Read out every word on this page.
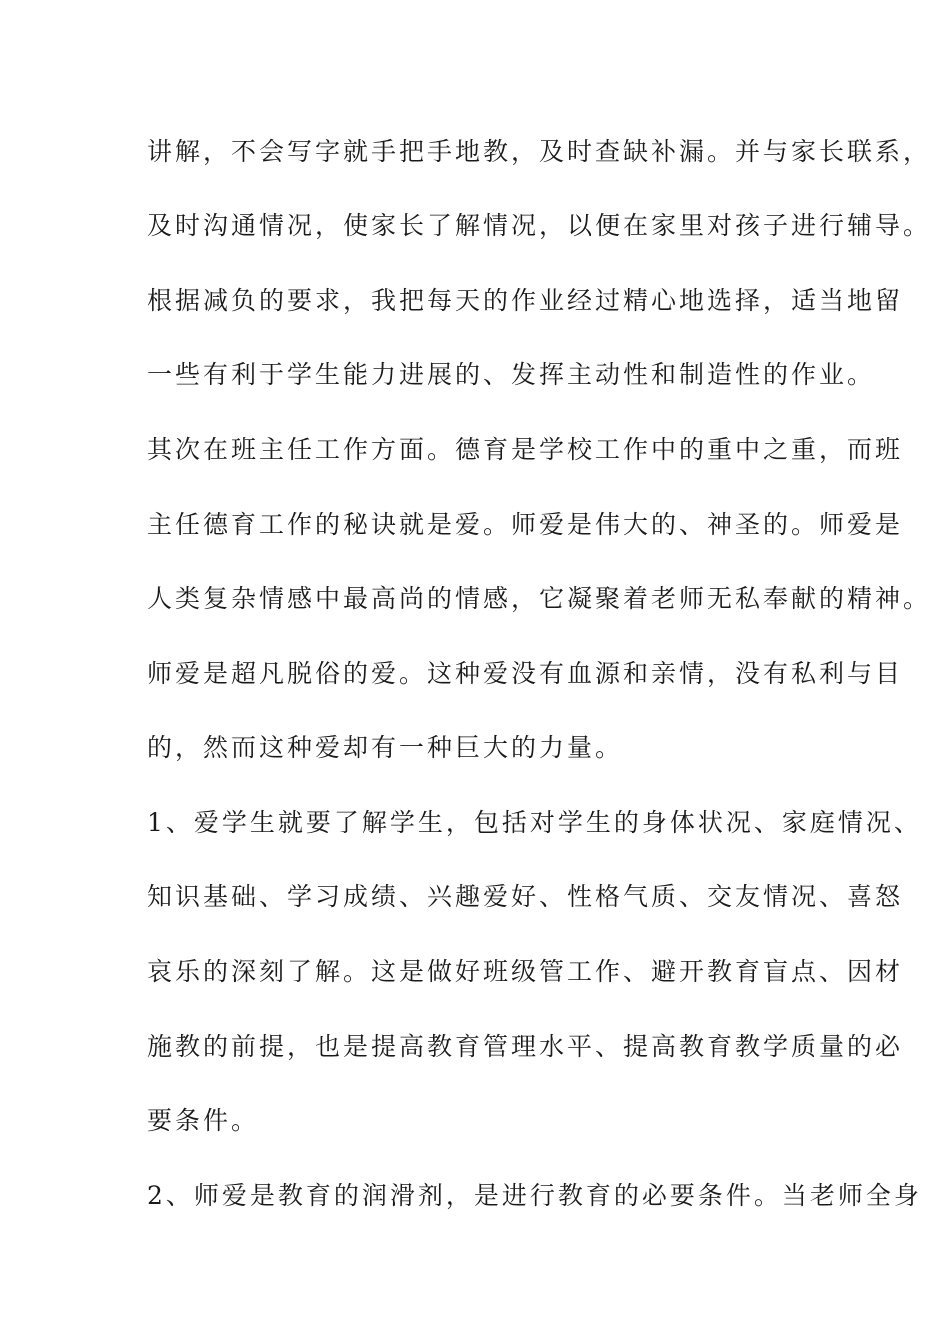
讲解，不会写字就手把手地教，及时查缺补漏。并与家长联系，
及时沟通情况，使家长了解情况，以便在家里对孩子进行辅导。
根据减负的要求，我把每天的作业经过精心地选择，适当地留
一些有利于学生能力进展的、发挥主动性和制造性的作业。
其次在班主任工作方面。德育是学校工作中的重中之重，而班
主任德育工作的秘诀就是爱。师爱是伟大的、神圣的。师爱是
人类复杂情感中最高尚的情感，它凝聚着老师无私奉献的精神。
师爱是超凡脱俗的爱。这种爱没有血源和亲情，没有私利与目
的，然而这种爱却有一种巨大的力量。
1、爱学生就要了解学生，包括对学生的身体状况、家庭情况、
知识基础、学习成绩、兴趣爱好、性格气质、交友情况、喜怒
哀乐的深刻了解。这是做好班级管工作、避开教育盲点、因材
施教的前提，也是提高教育管理水平、提高教育教学质量的必
要条件。
2、师爱是教育的润滑剂，是进行教育的必要条件。当老师全身
